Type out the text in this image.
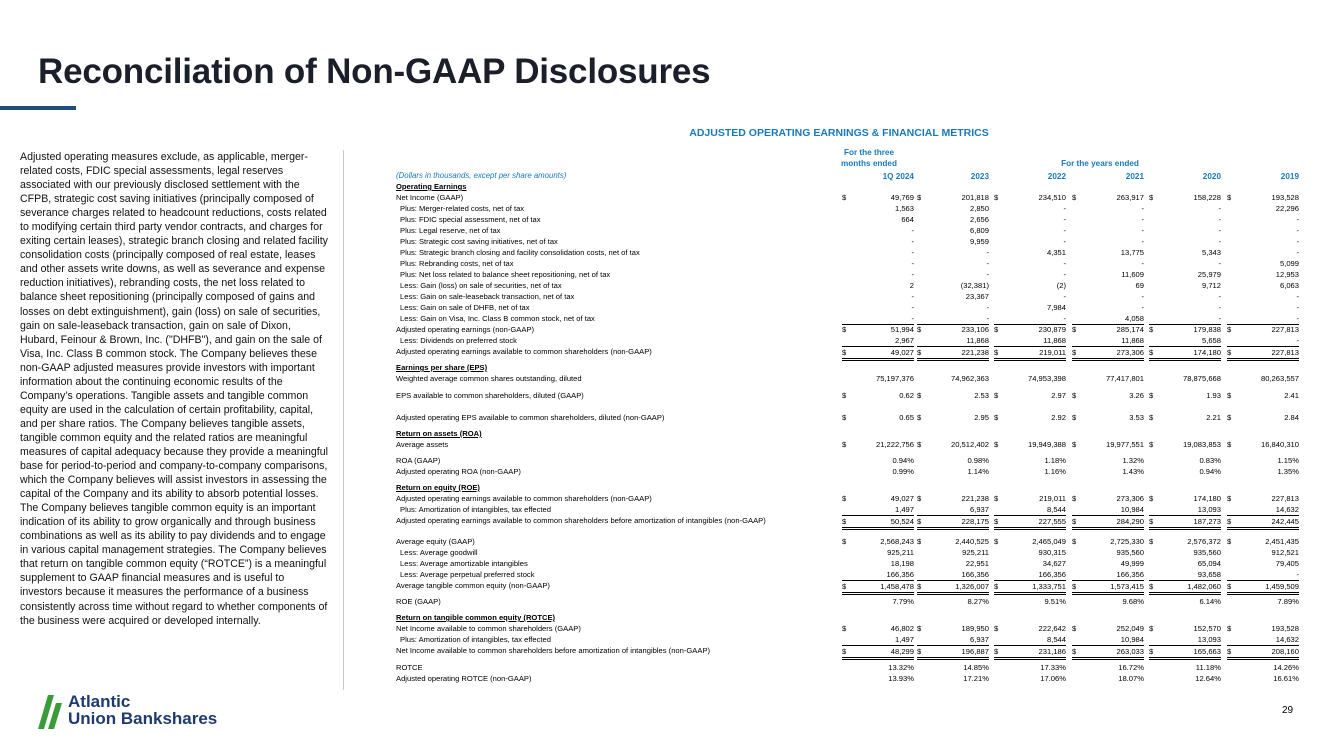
Reconciliation of Non-GAAP Disclosures
Adjusted operating measures exclude, as applicable, merger-related costs, FDIC special assessments, legal reserves associated with our previously disclosed settlement with the CFPB, strategic cost saving initiatives (principally composed of severance charges related to headcount reductions, costs related to modifying certain third party vendor contracts, and charges for exiting certain leases), strategic branch closing and related facility consolidation costs (principally composed of real estate, leases and other assets write downs, as well as severance and expense reduction initiatives), rebranding costs, the net loss related to balance sheet repositioning (principally composed of gains and losses on debt extinguishment), gain (loss) on sale of securities, gain on sale-leaseback transaction, gain on sale of Dixon, Hubard, Feinour & Brown, Inc. ("DHFB"), and gain on the sale of Visa, Inc. Class B common stock. The Company believes these non-GAAP adjusted measures provide investors with important information about the continuing economic results of the Company’s operations. Tangible assets and tangible common equity are used in the calculation of certain profitability, capital, and per share ratios. The Company believes tangible assets, tangible common equity and the related ratios are meaningful measures of capital adequacy because they provide a meaningful base for period-to-period and company-to-company comparisons, which the Company believes will assist investors in assessing the capital of the Company and its ability to absorb potential losses. The Company believes tangible common equity is an important indication of its ability to grow organically and through business combinations as well as its ability to pay dividends and to engage in various capital management strategies. The Company believes that return on tangible common equity (“ROTCE”) is a meaningful supplement to GAAP financial measures and is useful to investors because it measures the performance of a business consistently across time without regard to whether components of the business were acquired or developed internally.
ADJUSTED OPERATING EARNINGS & FINANCIAL METRICS
For the three
months ended	For the years ended
(Dollars in thousands, except per share amounts)	1Q 2024	2023	2022	2021	2020	2019
Operating Earnings
Net Income (GAAP)	$	49,769 $	201,818 $	234,510 $	263,917 $	158,228 $	193,528
Plus: Merger-related costs, net of tax	1,563	2,850	-	-	-	22,296
Plus: FDIC special assessment, net of tax	664	2,656	-	-	-	-
Plus: Legal reserve, net of tax	-	6,809	-	-	-	-
Plus: Strategic cost saving initiatives, net of tax	-	9,959	-	-	-	-
Plus: Strategic branch closing and facility consolidation costs, net of tax	-	-	4,351	13,775	5,343	-
Plus: Rebranding costs, net of tax	-	-	-	-	-	5,099
Plus: Net loss related to balance sheet repositioning, net of tax	-	-	-	11,609	25,979	12,953
Less: Gain (loss) on sale of securities, net of tax	2	(32,381)	(2)	69	9,712	6,063
Less: Gain on sale-leaseback transaction, net of tax	-	23,367	-	-	-	-
Less: Gain on sale of DHFB, net of tax	-	-	7,984	-	-	-
Less: Gain on Visa, Inc. Class B common stock, net of tax	-	-	-	4,058	-	-
Adjusted operating earnings (non-GAAP)	$	51,994 $	233,106 $	230,879 $	285,174 $	179,838 $	227,813
Less: Dividends on preferred stock	2,967	11,868	11,868	11,868	5,658	-
Adjusted operating earnings available to common shareholders (non-GAAP)	$	49,027 $	221,238 $	219,011 $	273,306 $	174,180 $	227,813
Earnings per share (EPS)
Weighted average common shares outstanding, diluted	75,197,376	74,962,363	74,953,398	77,417,801	78,875,668	80,263,557
EPS available to common shareholders, diluted (GAAP)	$	0.62 $	2.53 $	2.97 $	3.26 $	1.93 $	2.41
Adjusted operating EPS available to common shareholders, diluted (non-GAAP)	$	0.65 $	2.95 $	2.92 $	3.53 $	2.21 $	2.84
Return on assets (ROA)
Average assets	$	21,222,756 $	20,512,402 $	19,949,388 $	19,977,551 $	19,083,853 $	16,840,310
ROA (GAAP)	0.94%	0.98%	1.18%	1.32%	0.83%	1.15%
Adjusted operating ROA (non-GAAP)	0.99%	1.14%	1.16%	1.43%	0.94%	1.35%
Return on equity (ROE)
Adjusted operating earnings available to common shareholders (non-GAAP)	$	49,027 $	221,238 $	219,011 $	273,306 $	174,180 $	227,813
Plus: Amortization of intangibles, tax effected	1,497	6,937	8,544	10,984	13,093	14,632
Adjusted operating earnings available to common shareholders before amortization of intangibles (non-GAAP)	$	50,524 $	228,175 $	227,555 $	284,290 $	187,273 $	242,445
Average equity (GAAP)	$	2,568,243 $	2,440,525 $	2,465,049 $	2,725,330 $	2,576,372 $	2,451,435
Less: Average goodwill	925,211	925,211	930,315	935,560	935,560	912,521
Less: Average amortizable intangibles	18,198	22,951	34,627	49,999	65,094	79,405
Less: Average perpetual preferred stock	166,356	166,356	166,356	166,356	93,658	-
Average tangible common equity (non-GAAP)	$	1,458,478 $	1,326,007 $	1,333,751 $	1,573,415 $	1,482,060 $	1,459,509
ROE (GAAP)	7.79%	8.27%	9.51%	9.68%	6.14%	7.89%
Return on tangible common equity (ROTCE)
Net Income available to common shareholders (GAAP)	$	46,802 $	189,950 $	222,642 $	252,049 $	152,570 $	193,528
Plus: Amortization of intangibles, tax effected	1,497	6,937	8,544	10,984	13,093	14,632
Net Income available to common shareholders before amortization of intangibles (non-GAAP)	$	48,299 $	196,887 $	231,186 $	263,033 $	165,663 $	208,160
ROTCE	13.32%	14.85%	17.33%	16.72%	11.18%	14.26%
Adjusted operating ROTCE (non-GAAP)	13.93%	17.21%	17.06%	18.07%	12.64%	16.61%
Atlantic
Union Bankshares	29
